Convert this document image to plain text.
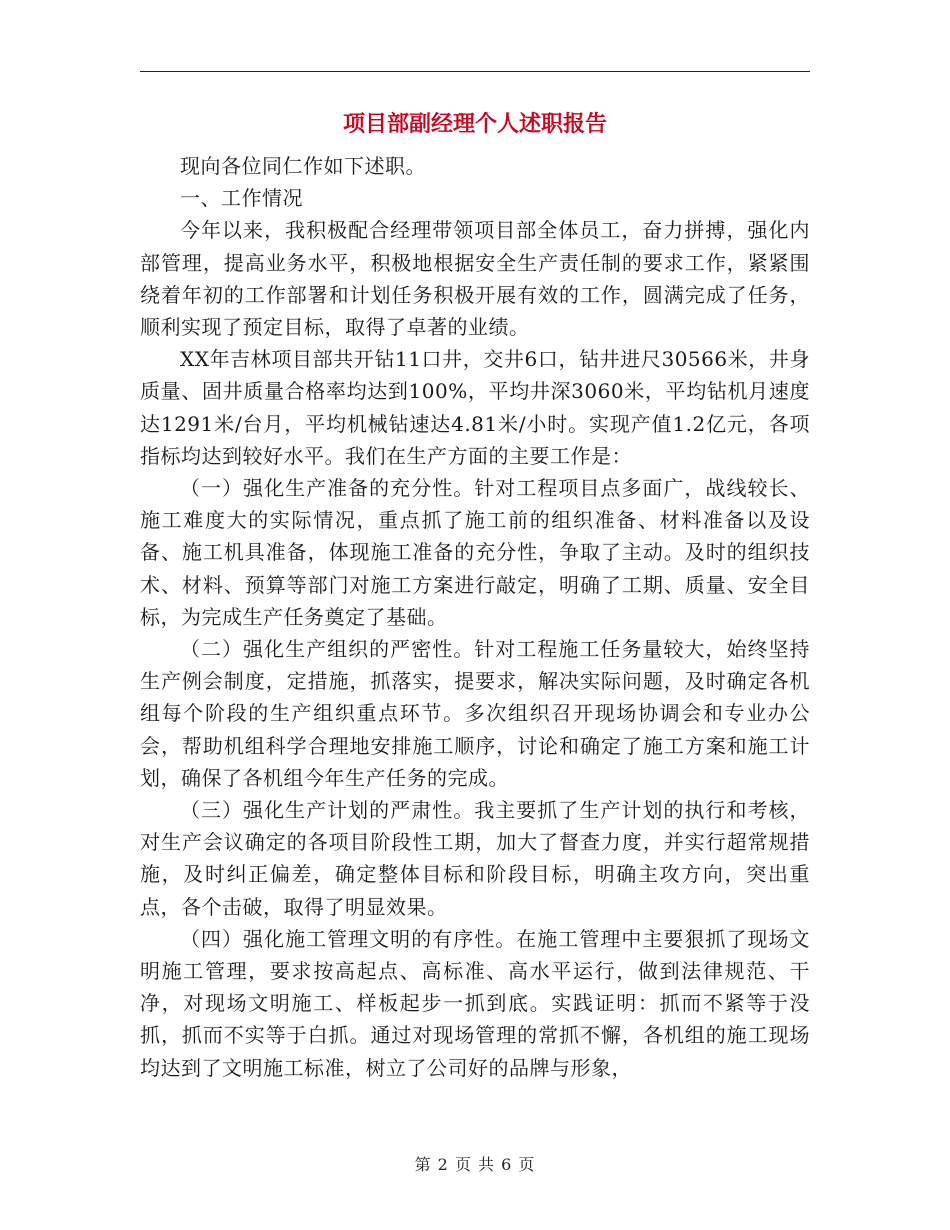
项目部副经理个人述职报告

现向各位同仁作如下述职。

一、工作情况

今年以来，我积极配合经理带领项目部全体员工，奋力拼搏，强化内部管理，提高业务水平，积极地根据安全生产责任制的要求工作，紧紧围绕着年初的工作部署和计划任务积极开展有效的工作，圆满完成了任务，顺利实现了预定目标，取得了卓著的业绩。

XX年吉林项目部共开钻11口井，交井6口，钻井进尺30566米，井身质量、固井质量合格率均达到100%，平均井深3060米，平均钻机月速度达1291米/台月，平均机械钻速达4.81米/小时。实现产值1.2亿元，各项指标均达到较好水平。我们在生产方面的主要工作是：

（一）强化生产准备的充分性。针对工程项目点多面广，战线较长、施工难度大的实际情况，重点抓了施工前的组织准备、材料准备以及设备、施工机具准备，体现施工准备的充分性，争取了主动。及时的组织技术、材料、预算等部门对施工方案进行敲定，明确了工期、质量、安全目标，为完成生产任务奠定了基础。

（二）强化生产组织的严密性。针对工程施工任务量较大，始终坚持生产例会制度，定措施，抓落实，提要求，解决实际问题，及时确定各机组每个阶段的生产组织重点环节。多次组织召开现场协调会和专业办公会，帮助机组科学合理地安排施工顺序，讨论和确定了施工方案和施工计划，确保了各机组今年生产任务的完成。

（三）强化生产计划的严肃性。我主要抓了生产计划的执行和考核，对生产会议确定的各项目阶段性工期，加大了督查力度，并实行超常规措施，及时纠正偏差，确定整体目标和阶段目标，明确主攻方向，突出重点，各个击破，取得了明显效果。

（四）强化施工管理文明的有序性。在施工管理中主要狠抓了现场文明施工管理，要求按高起点、高标准、高水平运行，做到法律规范、干净，对现场文明施工、样板起步一抓到底。实践证明：抓而不紧等于没抓，抓而不实等于白抓。通过对现场管理的常抓不懈，各机组的施工现场均达到了文明施工标准，树立了公司好的品牌与形象，

第 2 页 共 6 页
